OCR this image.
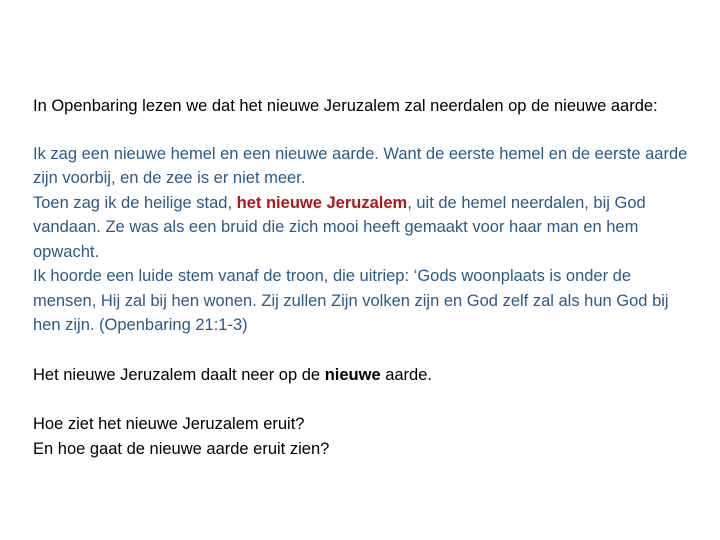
In Openbaring lezen we dat het nieuwe Jeruzalem zal neerdalen op de nieuwe aarde:

Ik zag een nieuwe hemel en een nieuwe aarde. Want de eerste hemel en de eerste aarde zijn voorbij, en de zee is er niet meer.

Toen zag ik de heilige stad, het nieuwe Jeruzalem, uit de hemel neerdalen, bij God vandaan. Ze was als een bruid die zich mooi heeft gemaakt voor haar man en hem opwacht.

Ik hoorde een luide stem vanaf de troon, die uitriep: ‘Gods woonplaats is onder de mensen, Hij zal bij hen wonen. Zij zullen Zijn volken zijn en God zelf zal als hun God bij hen zijn. (Openbaring 21:1-3)

Het nieuwe Jeruzalem daalt neer op de nieuwe aarde.

Hoe ziet het nieuwe Jeruzalem eruit?

En hoe gaat de nieuwe aarde eruit zien?
